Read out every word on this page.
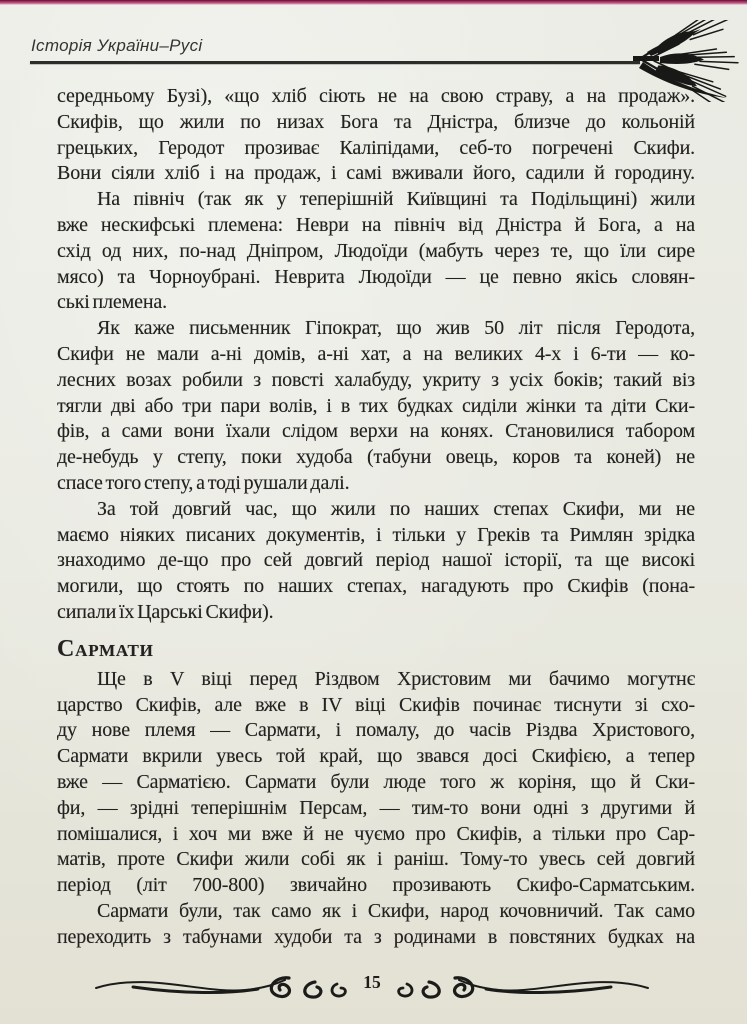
Історія України–Русі
середньому Бузі), «що хліб сіють не на свою страву, а на продаж».
Скифів, що жили по низах Бога та Дністра, близче до кольоній
грецьких, Геродот прозиває Каліпідами, себ-то погречені Скифи.
Вони сіяли хліб і на продаж, і самі вживали його, садили й городину.
На північ (так як у теперішній Київщині та Подільщині) жили
вже нескифські племена: Неври на північ від Дністра й Бога, а на
схід од них, по-над Дніпром, Людоїди (мабуть через те, що їли сире
мясо) та Чорноубрані. Неврита Людоїди — це певно якісь словян-
ські племена.
Як каже письменник Гіпократ, що жив 50 літ після Геродота,
Скифи не мали а-ні домів, а-ні хат, а на великих 4-х і 6-ти — ко-
лесних возах робили з повсті халабуду, укриту з усіх боків; такий віз
тягли дві або три пари волів, і в тих будках сиділи жінки та діти Ски-
фів, а сами вони їхали слідом верхи на конях. Становилися табором
де-небудь у степу, поки худоба (табуни овець, коров та коней) не
спасе того степу, а тоді рушали далі.
За той довгий час, що жили по наших степах Скифи, ми не
маємо ніяких писаних документів, і тільки у Греків та Римлян зрідка
знаходимо де-що про сей довгий період нашої історії, та ще високі
могили, що стоять по наших степах, нагадують про Скифів (пона-
сипали їх Царські Скифи).
Сармати
Ще в V віці перед Різдвом Христовим ми бачимо могутнє
царство Скифів, але вже в IV віці Скифів починає тиснути зі схо-
ду нове племя — Сармати, і помалу, до часів Різдва Христового,
Сармати вкрили увесь той край, що звався досі Скифією, а тепер
вже — Сарматією. Сармати були люде того ж коріня, що й Ски-
фи, — зрідні теперішнім Персам, — тим-то вони одні з другими й
помішалися, і хоч ми вже й не чуємо про Скифів, а тільки про Сар-
матів, проте Скифи жили собі як і раніш. Тому-то увесь сей довгий
період (літ 700-800) звичайно прозивають Скифо-Сарматським.
Сармати були, так само як і Скифи, народ кочовничий. Так само
переходить з табунами худоби та з родинами в повстяних будках на
15
